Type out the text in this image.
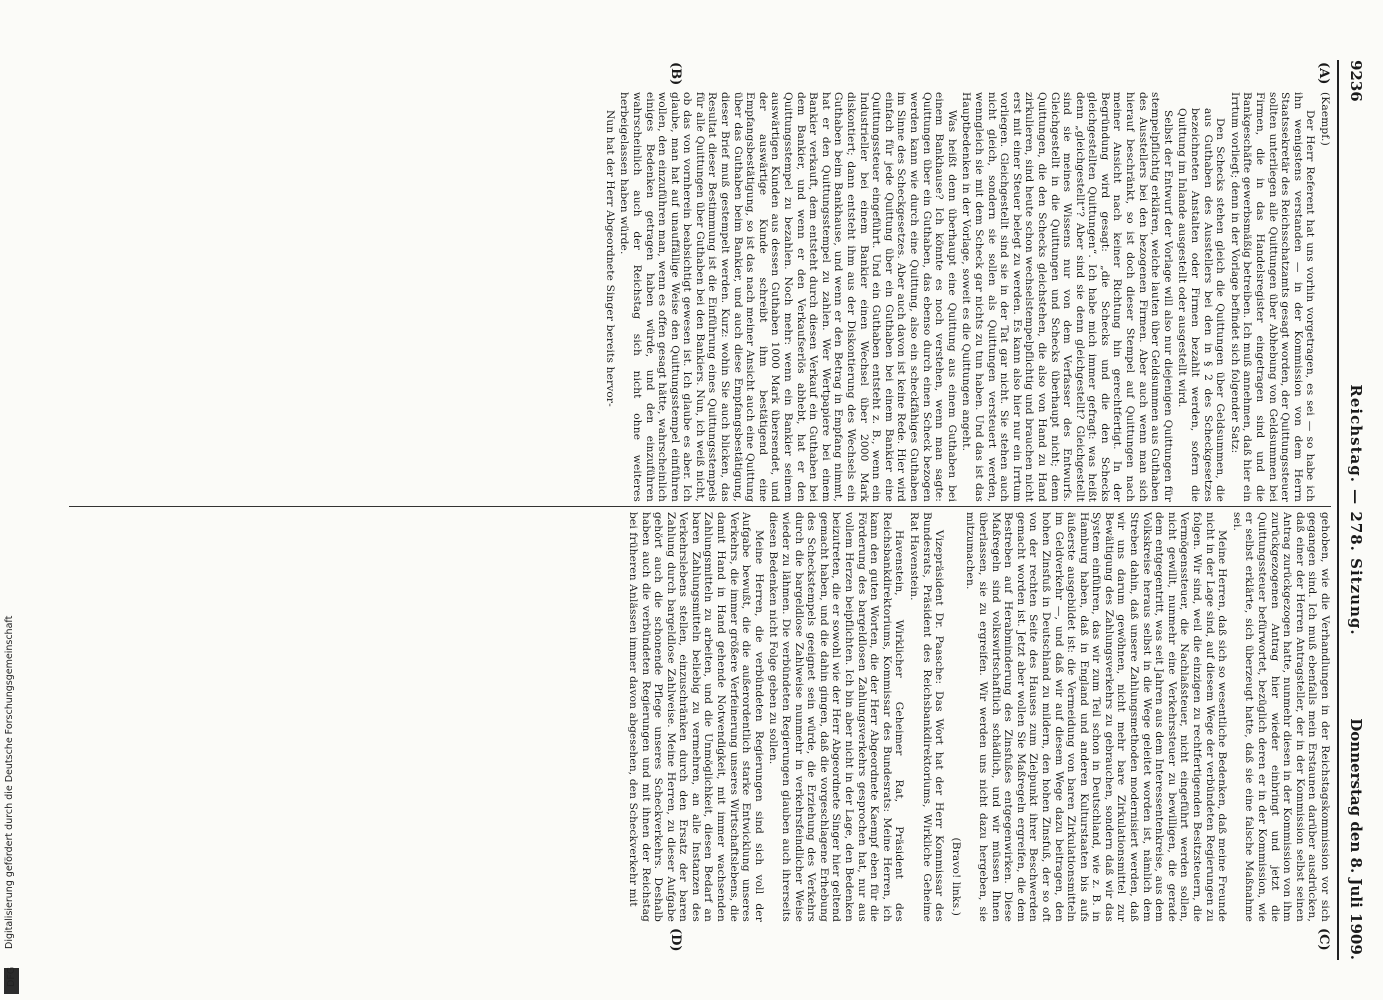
9236
Reichstag. — 278. Sitzung.
Donnerstag den 8. Juli 1909.
(A)
(B)
(C)
(D)

(Kaempf.)

Der Herr Referent hat uns vorhin vorgetragen, es sei — so habe ich ihn wenigstens verstanden — in der Kommission von dem Herrn Staatssekretär des Reichsschatzamts gesagt worden, der Quittungssteuer sollten unterliegen alle Quittungen über Abhebung von Geldsummen bei Firmen, die in das Handelsregister eingetragen sind und die Bankgeschäfte gewerbsmäßig betreiben. Ich muß annehmen, daß hier ein Irrtum vorliegt; denn in der Vorlage befindet sich folgender Satz:

Den Schecks stehen gleich die Quittungen über Geldsummen, die aus Guthaben des Ausstellers bei den in § 2 des Scheckgesetzes bezeichneten Anstalten oder Firmen bezahlt werden, sofern die Quittung im Inlande ausgestellt oder ausgestellt wird.

Selbst der Entwurf der Vorlage will also nur diejenigen Quittungen für stempelpflichtig erklären, welche lauten über Geldsummen aus Guthaben des Ausstellers bei den bezogenen Firmen. Aber auch wenn man sich hierauf beschränkt, so ist doch dieser Stempel auf Quittungen nach meiner Ansicht nach keiner Richtung hin gerechtfertigt. In der Begründung wird gesagt: „die Schecks und die den Schecks gleichgestellten Quittungen“. Ich habe mich immer gefragt: was heißt denn „gleichgestellt“? Aber sind sie denn gleichgestellt? Gleichgestellt sind sie meines Wissens nur von dem Verfasser des Entwurfs. Gleichgestellt in die Quittungen und Schecks überhaupt nicht; denn Quittungen, die den Schecks gleichstehen, die also von Hand zu Hand zirkulieren, sind heute schon wechselstempelpflichtig und brauchen nicht erst mit einer Steuer belegt zu werden. Es kann also hier nur ein Irrtum vorliegen. Gleichgestellt sind sie in der Tat gar nicht. Sie stehen auch nicht gleich, sondern sie sollen als Quittungen versteuert werden, wenngleich sie mit dem Scheck gar nichts zu tun haben. Und das ist das Hauptbedenken in der Vorlage, soweit es die Quittungen angeht.

Was heißt denn überhaupt eine Quittung aus einem Guthaben bei einem Bankhause? Ich könnte es noch verstehen, wenn man sagte: Quittungen über ein Guthaben, das ebenso durch einen Scheck bezogen werden kann wie durch eine Quittung, also ein scheckfähiges Guthaben im Sinne des Scheckgesetzes. Aber auch davon ist keine Rede. Hier wird einfach für jede Quittung über ein Guthaben bei einem Bankier eine Quittungssteuer eingeführt. Und ein Guthaben entsteht z. B., wenn ein Industrieller bei einem Bankier einen Wechsel über 2000 Mark diskontiert; dann entsteht ihm aus der Diskontierung des Wechsels ein Guthaben beim Bankhause, und wenn er den Betrag in Empfang nimmt, hat er den Quittungsstempel zu zahlen. Wer Wertpapiere bei einem Bankier verkauft, dem entsteht durch diesen Verkauf ein Guthaben bei dem Bankier, und wenn er den Verkaufserlös abhebt, hat er den Quittungsstempel zu bezahlen. Noch mehr: wenn ein Bankier seinem auswärtigen Kunden aus dessen Guthaben 1000 Mark übersendet, und der auswärtige Kunde schreibt ihm bestätigend eine Empfangsbestätigung, so ist das nach meiner Ansicht auch eine Quittung über das Guthaben beim Bankier, und auch diese Empfangsbestätigung, dieser Brief muß gestempelt werden. Kurz: wohin Sie auch blicken, das Resultat dieser Bestimmung ist die Einführung eines Quittungsstempels für alle Quittungen über Guthaben bei den Bankiers. Nun, ich weiß nicht, ob das von vornherein beabsichtigt gewesen ist. Ich glaube es aber. Ich glaube, man hat auf unauffällige Weise den Quittungsstempel einführen wollen, den einzuführen man, wenn es offen gesagt hätte, wahrscheinlich einiges Bedenken getragen haben würde, und den einzuführen wahrscheinlich auch der Reichstag sich nicht ohne weiteres herbeigelassen haben würde.

Nun hat der Herr Abgeordnete Singer bereits hervor-

gehoben, wie die Verhandlungen in der Reichstagskommission vor sich gegangen sind. Ich muß ebenfalls mein Erstaunen darüber ausdrücken, daß einer der Herren Antragsteller, der in der Kommission selbst seinen Antrag zurückgezogen hatte, nunmehr diesen in der Kommission von ihm zurückgezogenen Antrag hier wieder einbringt und jetzt die Quittungssteuer befürwortet, bezüglich deren er in der Kommission, wie er selbst erklärte, sich überzeugt hatte, daß sie eine falsche Maßnahme sei.

Meine Herren, daß sich so wesentliche Bedenken, daß meine Freunde nicht in der Lage sind, auf diesem Wege der verbündeten Regierungen zu folgen. Wir sind, weil die einzigen zu rechtfertigenden Besitzsteuern, die Vermögenssteuer, die Nachlaßsteuer, nicht eingeführt werden sollen, nicht gewillt, nunmehr eine Verkehrssteuer zu bewilligen, die gerade dem entgegentritt, was seit Jahren aus dem Interessentenkreise, aus dem Volkskreise heraus selbst in die Wege geleitet worden ist, nämlich dem Streben dahin, daß unsere Zahlungsmethoden modernisiert werden, daß wir uns darum gewöhnen, nicht mehr bare Zirkulationsmittel zur Bewältigung des Zahlungsverkehrs zu gebrauchen, sondern daß wir das System einführen, das wir zum Teil schon in Deutschland, wie z. B. in Hamburg haben, daß in England und anderen Kulturstaaten bis aufs äußerste ausgebildet ist: die Vermeidung von baren Zirkulationsmitteln im Geldverkehr —, und daß wir auf diesem Wege dazu beitragen, den hohen Zinsfuß in Deutschland zu mildern, den hohen Zinsfuß, der so oft von der rechten Seite des Hauses zum Zielpunkt ihrer Beschwerden gemacht worden ist. Jetzt aber wollen Sie Maßregeln ergreifen, die dem Bestreben auf Herabminderung des Zinsfußes entgegenwirken. Diese Maßregeln sind volkswirtschaftlich schädlich, und wir müssen Ihnen überlassen, sie zu ergreifen. Wir werden uns nicht dazu hergeben, sie mitzumachen.

(Bravo! links.)

Vizepräsident Dr. Paasche: Das Wort hat der Herr Kommissar des Bundesrats, Präsident des Reichsbankdirektoriums, Wirkliche Geheime Rat Havenstein.

Havenstein, Wirklicher Geheimer Rat, Präsident des Reichsbankdirektoriums, Kommissar des Bundesrats: Meine Herren, ich kann den guten Worten, die der Herr Abgeordnete Kaempf eben für die Förderung des bargeldlosen Zahlungsverkehrs gesprochen hat, nur aus vollem Herzen beipflichten. Ich bin aber nicht in der Lage, den Bedenken beizutreten, die er sowohl wie der Herr Abgeordnete Singer hier geltend gemacht haben, und die dahin gingen, daß die vorgeschlagene Erhebung des Scheckstempels geeignet sein würde, die Erziehung des Verkehrs durch die bargeldlose Zahlweise nunmehr in verkehrsfeindlicher Weise wieder zu lähmen. Die verbündeten Regierungen glauben auch ihrerseits diesen Bedenken nicht Folge geben zu sollen.

Meine Herren, die verbündeten Regierungen sind sich voll der Aufgabe bewußt, die die außerordentlich starke Entwicklung unseres Verkehrs, die immer größere Verfeinerung unseres Wirtschaftslebens, die damit Hand in Hand gehende Notwendigkeit, mit immer wachsenden Zahlungsmitteln zu arbeiten, und die Unmöglichkeit, diesen Bedarf an baren Zahlungsmitteln beliebig zu vermehren, an alle Instanzen des Verkehrslebens stellen, einzuschränken durch den Ersatz der baren Zahlung durch bargeldlose Zahlweise. Meine Herren, zu dieser Aufgabe gehört auch die schonende Pflege unseres Scheckverkehrs. Deshalb haben auch die verbündeten Regierungen und mit ihnen der Reichstag bei früheren Anlässen immer davon abgesehen, den Scheckverkehr mit

Digitalisierung gefördert durch die Deutsche Forschungsgemeinschaft
DFG
